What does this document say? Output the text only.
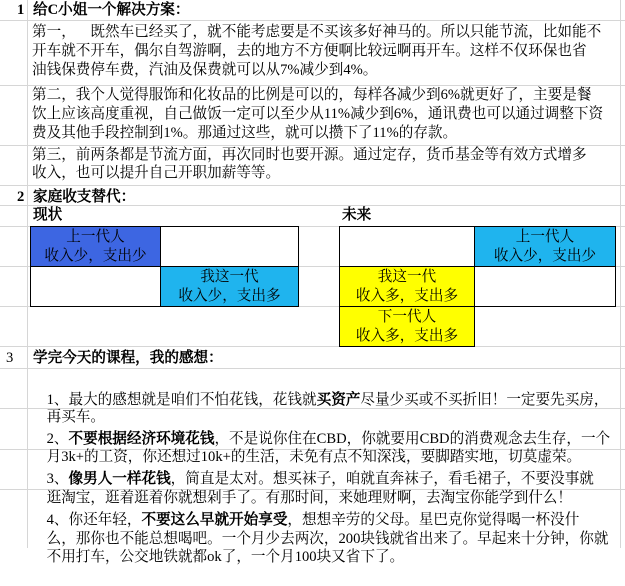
1 给C小姐一个解决方案：
第一，    既然车已经买了，就不能考虑要是不买该多好神马的。所以只能节流，比如能不
开车就不开车，偶尔自驾游啊，去的地方不方便啊比较远啊再开车。这样不仅环保也省
油钱保费停车费，汽油及保费就可以从7%减少到4%。
第二，我个人觉得服饰和化妆品的比例是可以的，每样各减少到6%就更好了，主要是餐
饮上应该高度重视，自己做饭一定可以至少从11%减少到6%，通讯费也可以通过调整下资
费及其他手段控制到1%。那通过这些，就可以攒下了11%的存款。
第三，前两条都是节流方面，再次同时也要开源。通过定存，货币基金等有效方式增多
收入，也可以提升自己开职加薪等等。
2 家庭收支替代：
现状	未来
上一代人
收入少，支出少
我这一代
收入少，支出多
上一代人
收入少，支出少
我这一代
收入多，支出多
下一代人
收入多，支出多
3	学完今天的课程，我的感想：

1、最大的感想就是咱们不怕花钱，花钱就买资产尽量少买或不买折旧！一定要先买房，

再买车。

2、不要根据经济环境花钱，不是说你住在CBD，你就要用CBD的消费观念去生存，一个

月3k+的工资，你还想过10k+的生活，未免有点不知深浅，要脚踏实地，切莫虚荣。

3、像男人一样花钱，简直是太对。想买袜子，咱就直奔袜子，看毛裙子，不要没事就

逛淘宝，逛着逛着你就想剁手了。有那时间，来她理财啊，去淘宝你能学到什么！

4、你还年轻，不要这么早就开始享受，想想辛劳的父母。星巴克你觉得喝一杯没什

么，那你也不能总想喝吧。一个月少去两次，200块钱就省出来了。早起来十分钟，你就

不用打车，公交地铁就都ok了，一个月100块又省下了。
